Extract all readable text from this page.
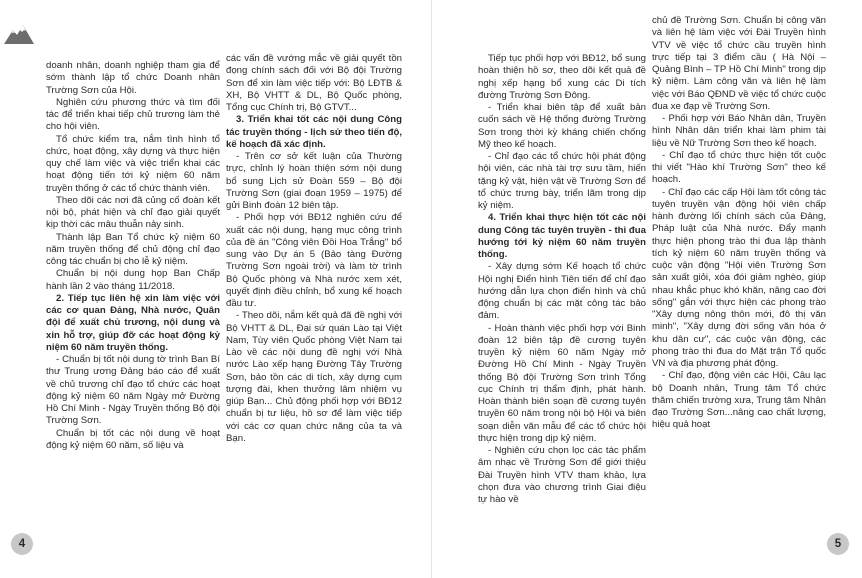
doanh nhân, doanh nghiệp tham gia để sớm thành lập tổ chức Doanh nhân Trường Sơn của Hội.

Nghiên cứu phương thức và tìm đối tác để triển khai tiếp chủ trương làm thẻ cho hội viên.

Tổ chức kiểm tra, nắm tình hình tổ chức, hoạt động, xây dựng và thực hiện quy chế làm việc và việc triển khai các hoạt động tiến tới kỷ niệm 60 năm truyền thống ở các tổ chức thành viên.

Theo dõi các nơi đã củng cố đoàn kết nội bộ, phát hiện và chỉ đạo giải quyết kịp thời các mâu thuẫn nảy sinh.

Thành lập Ban Tổ chức kỷ niệm 60 năm truyền thống để chủ động chỉ đạo công tác chuẩn bị cho lễ kỷ niệm.

Chuẩn bị nội dung họp Ban Chấp hành lần 2 vào tháng 11/2018.

2. Tiếp tục liên hệ xin làm việc với các cơ quan Đảng, Nhà nước, Quân đội để xuất chủ trương, nội dung và xin hỗ trợ, giúp đỡ các hoạt động kỷ niệm 60 năm truyền thống.

- Chuẩn bị tốt nội dung tờ trình Ban Bí thư Trung ương Đảng báo cáo để xuất về chủ trương chỉ đạo tổ chức các hoạt động kỷ niệm 60 năm Ngày mở Đường Hồ Chí Minh - Ngày Truyền thống Bộ đội Trường Sơn.

Chuẩn bị tốt các nội dung về hoạt động kỷ niệm 60 năm, số liệu và

các vấn đề vướng mắc về giải quyết tồn đọng chính sách đối với Bộ đội Trường Sơn để xin làm việc tiếp với: Bộ LĐTB & XH, Bộ VHTT & DL, Bộ Quốc phòng, Tổng cục Chính trị, Bộ GTVT...

3. Triển khai tốt các nội dung Công tác truyền thống - lịch sử theo tiến độ, kế hoạch đã xác định.

- Trên cơ sở kết luận của Thường trực, chỉnh lý hoàn thiện sớm nội dung bổ sung Lịch sử Đoàn 559 – Bộ đội Trường Sơn (giai đoạn 1959 – 1975) để gửi Binh đoàn 12 biên tập.

- Phối hợp với BĐ12 nghiên cứu để xuất các nội dung, hạng mục công trình của đề án "Công viên Đồi Hoa Trắng" bổ sung vào Dự án 5 (Bảo tàng Đường Trường Sơn ngoài trời) và làm tờ trình Bộ Quốc phòng và Nhà nước xem xét, quyết định điều chỉnh, bổ xung kế hoạch đầu tư.

- Theo dõi, nắm kết quả đã đề nghị với Bộ VHTT & DL, Đại sứ quán Lào tại Việt Nam, Tùy viên Quốc phòng Việt Nam tại Lào về các nội dung đề nghị với Nhà nước Lào xếp hạng Đường Tây Trường Sơn, bảo tồn các di tích, xây dựng cụm tượng đài, khen thưởng lâm nhiệm vụ giúp Bạn... Chủ động phối hợp với BĐ12 chuẩn bị tư liệu, hồ sơ để làm việc tiếp với các cơ quan chức năng của ta và Bạn.

Tiếp tục phối hợp với BĐ12, bổ sung hoàn thiện hồ sơ, theo dõi kết quả đề nghị xếp hạng bổ xung các Di tích đường Trường Sơn Đông.

- Triển khai biên tập để xuất bản cuốn sách về Hệ thống đường Trường Sơn trong thời kỳ kháng chiến chống Mỹ theo kế hoạch.

- Chỉ đạo các tổ chức hội phát động hội viên, các nhà tài trợ sưu tầm, hiến tặng kỷ vật, hiện vật về Trường Sơn để tổ chức trưng bày, triển lãm trong dịp kỷ niệm.

4. Triển khai thực hiện tốt các nội dung Công tác tuyên truyền - thi đua hướng tới kỷ niệm 60 năm truyền thống.

- Xây dựng sớm Kế hoạch tổ chức Hội nghị Điển hình Tiên tiến để chỉ đạo hướng dẫn lựa chọn điển hình và chủ động chuẩn bị các mặt công tác bảo đảm.

- Hoàn thành việc phối hợp với Binh đoàn 12 biên tập đề cương tuyên truyền kỷ niệm 60 năm Ngày mở Đường Hồ Chí Minh - Ngày Truyền thống Bộ đội Trường Sơn trình Tổng cục Chính trị thẩm định, phát hành. Hoàn thành biên soạn đề cương tuyên truyền 60 năm trong nội bộ Hội và biên soạn diễn văn mẫu để các tổ chức hội thực hiện trong dịp kỷ niệm.

- Nghiên cứu chọn lọc các tác phẩm âm nhạc về Trường Sơn để giới thiệu Đài Truyền hình VTV tham khảo, lựa chọn đưa vào chương trình Giai điệu tự hào về

chủ đề Trường Sơn. Chuẩn bị công văn và liên hệ làm việc với Đài Truyền hình VTV về việc tổ chức cầu truyền hình trực tiếp tại 3 điểm cầu ( Hà Nội – Quảng Bình – TP Hồ Chí Minh" trong dịp kỷ niệm. Làm công văn và liên hệ làm việc với Báo QĐND về việc tổ chức cuộc đua xe đạp về Trường Sơn.

- Phối hợp với Báo Nhân dân, Truyền hình Nhân dân triển khai làm phim tài liệu về Nữ Trường Sơn theo kế hoạch.

- Chỉ đạo tổ chức thực hiện tốt cuộc thi viết "Hào khí Trường Sơn" theo kế hoạch.

- Chỉ đạo các cấp Hội làm tốt công tác tuyên truyền vận động hội viên chấp hành đường lối chính sách của Đảng, Pháp luật của Nhà nước. Đẩy mạnh thực hiện phong trào thi đua lập thành tích kỷ niệm 60 năm truyền thống và cuộc vận động "Hội viên Trường Sơn sản xuất giỏi, xóa đói giảm nghèo, giúp nhau khắc phục khó khăn, nâng cao đời sống" gắn với thực hiện các phong trào "Xây dựng nông thôn mới, đô thị văn minh", "Xây dựng đời sống văn hóa ở khu dân cư", các cuộc vận động, các phong trào thi đua do Mặt trận Tổ quốc VN và địa phương phát động.

- Chỉ đạo, động viên các Hội, Câu lạc bộ Doanh nhân, Trung tâm Tổ chức thăm chiến trường xưa, Trung tâm Nhân đạo Trường Sơn...nâng cao chất lượng, hiệu quả hoạt

4	5
